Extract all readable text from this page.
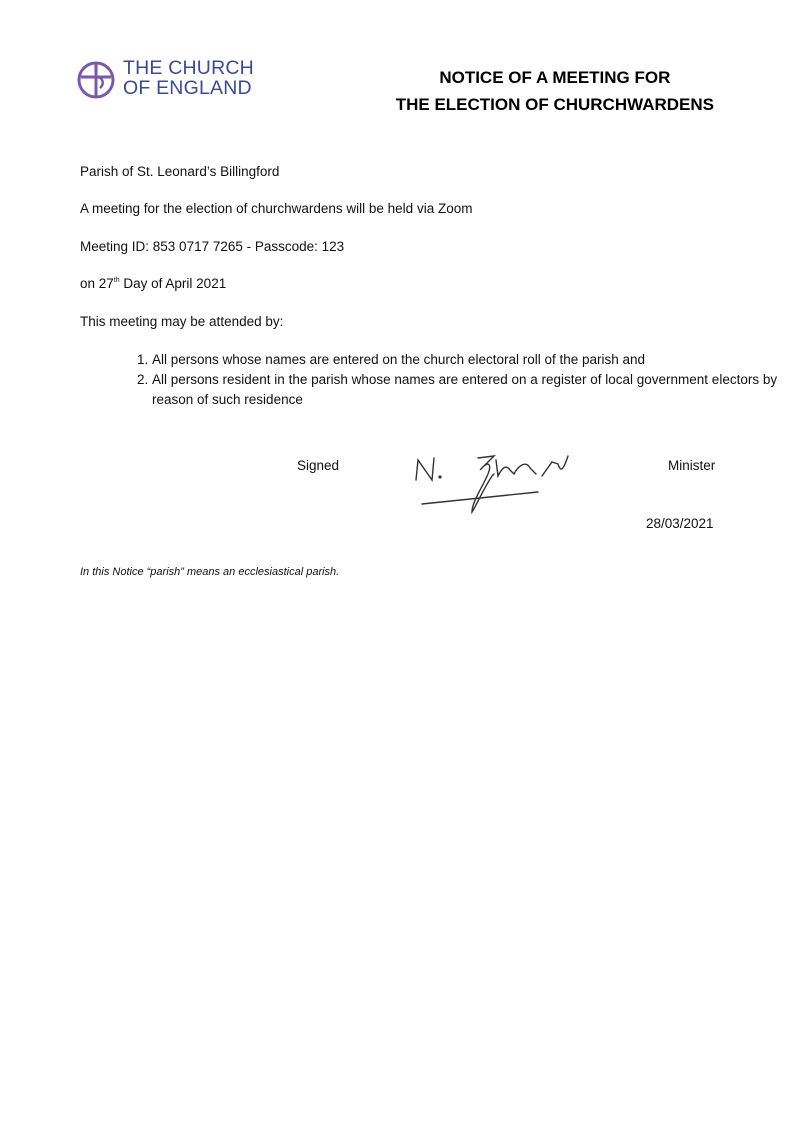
THE CHURCH
OF ENGLAND	NOTICE OF A MEETING FOR
THE ELECTION OF CHURCHWARDENS
Parish of St. Leonard’s Billingford
A meeting for the election of churchwardens will be held via Zoom
Meeting ID: 853 0717 7265 - Passcode: 123
on 27th Day of April 2021
This meeting may be attended by:
1. All persons whose names are entered on the church electoral roll of the parish and
2. All persons resident in the parish whose names are entered on a register of local government electors by reason of such residence
Signed	Minister
28/03/2021
In this Notice “parish” means an ecclesiastical parish.
